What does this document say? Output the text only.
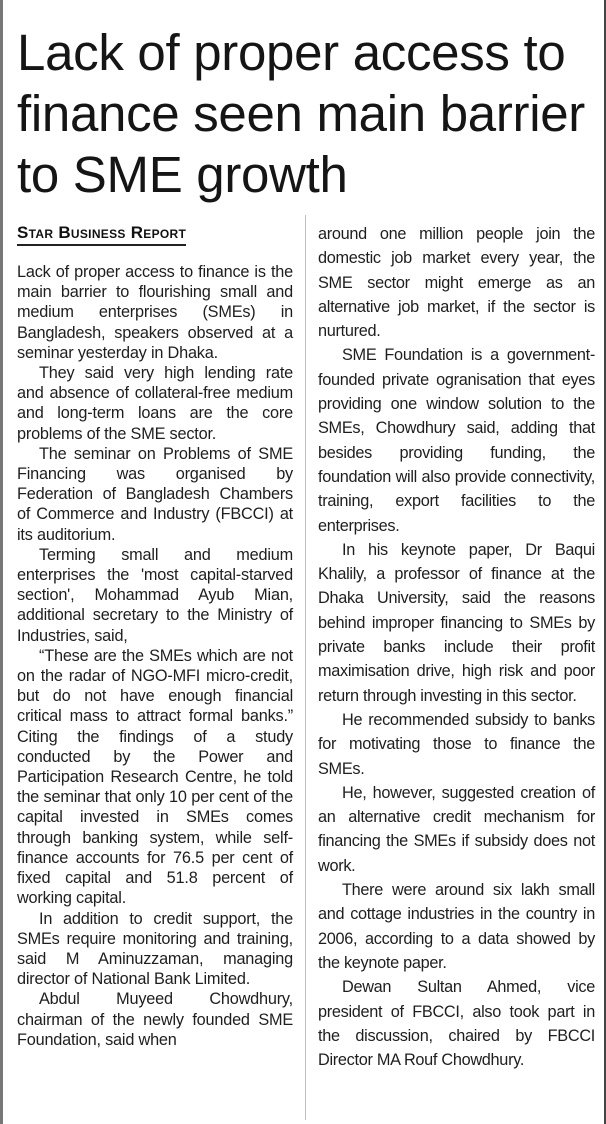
Lack of proper access to finance seen main barrier to SME growth
Star Business Report

Lack of proper access to finance is the main barrier to flourishing small and medium enterprises (SMEs) in Bangladesh, speakers observed at a seminar yesterday in Dhaka.

They said very high lending rate and absence of collateral-free medium and long-term loans are the core problems of the SME sector.

The seminar on Problems of SME Financing was organised by Federation of Bangladesh Chambers of Commerce and Industry (FBCCI) at its auditorium.

Terming small and medium enterprises the 'most capital-starved section', Mohammad Ayub Mian, additional secretary to the Ministry of Industries, said,

“These are the SMEs which are not on the radar of NGO-MFI micro-credit, but do not have enough financial critical mass to attract formal banks.” Citing the findings of a study conducted by the Power and Participation Research Centre, he told the seminar that only 10 per cent of the capital invested in SMEs comes through banking system, while self-finance accounts for 76.5 per cent of fixed capital and 51.8 percent of working capital.

In addition to credit support, the SMEs require monitoring and training, said M Aminuzzaman, managing director of National Bank Limited.

Abdul Muyeed Chowdhury, chairman of the newly founded SME Foundation, said when

around one million people join the domestic job market every year, the SME sector might emerge as an alternative job market, if the sector is nurtured.

SME Foundation is a government-founded private ogranisation that eyes providing one window solution to the SMEs, Chowdhury said, adding that besides providing funding, the foundation will also provide connectivity, training, export facilities to the enterprises.

In his keynote paper, Dr Baqui Khalily, a professor of finance at the Dhaka University, said the reasons behind improper financing to SMEs by private banks include their profit maximisation drive, high risk and poor return through investing in this sector.

He recommended subsidy to banks for motivating those to finance the SMEs.

He, however, suggested creation of an alternative credit mechanism for financing the SMEs if subsidy does not work.

There were around six lakh small and cottage industries in the country in 2006, according to a data showed by the keynote paper.

Dewan Sultan Ahmed, vice president of FBCCI, also took part in the discussion, chaired by FBCCI Director MA Rouf Chowdhury.
